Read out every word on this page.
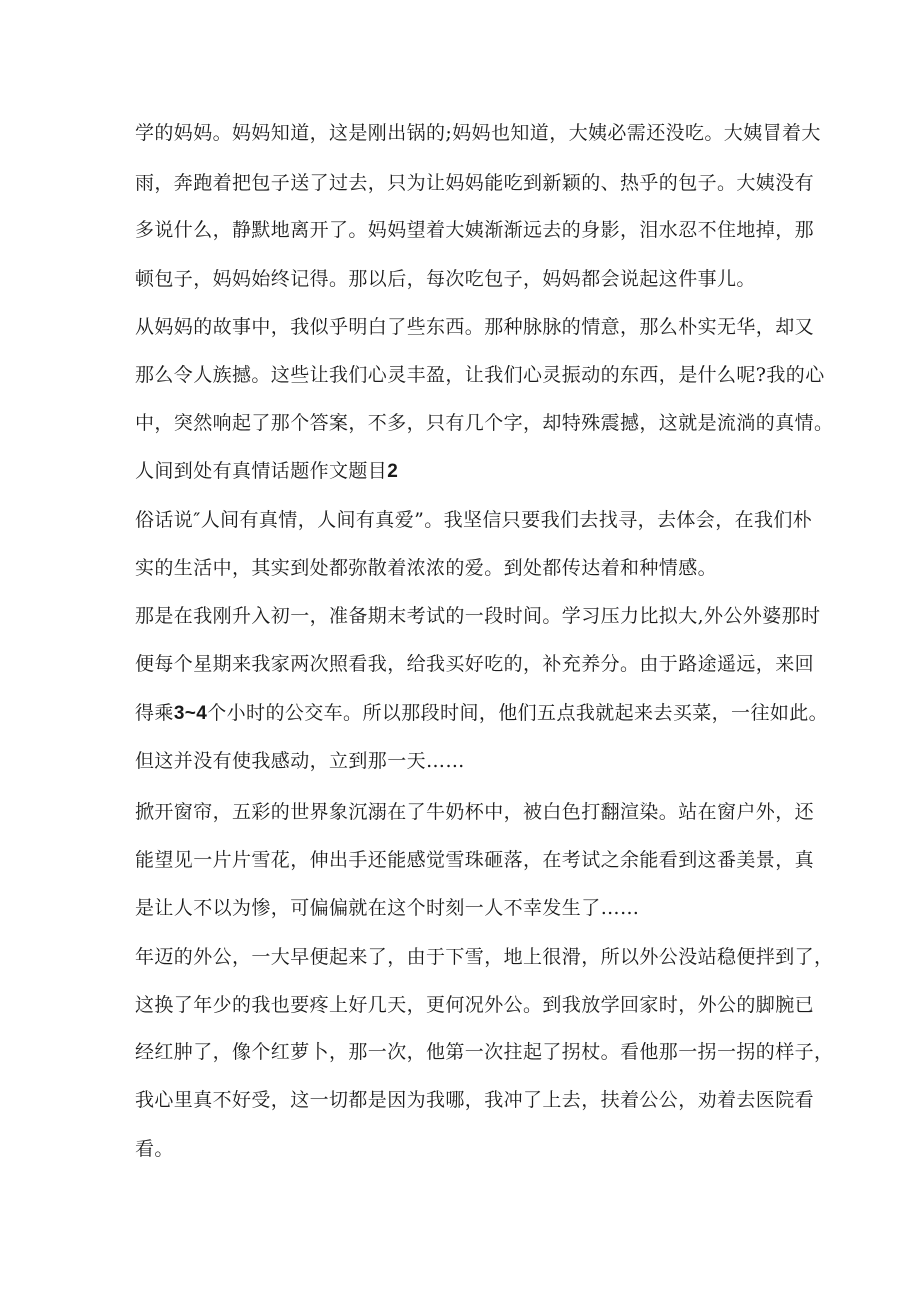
学的妈妈。妈妈知道，这是刚出锅的;妈妈也知道，大姨必需还没吃。大姨冒着大

雨，奔跑着把包子送了过去，只为让妈妈能吃到新颖的、热乎的包子。大姨没有

多说什么，静默地离开了。妈妈望着大姨渐渐远去的身影，泪水忍不住地掉，那

顿包子，妈妈始终记得。那以后，每次吃包子，妈妈都会说起这件事儿。

从妈妈的故事中，我似乎明白了些东西。那种脉脉的情意，那么朴实无华，却又

那么令人族撼。这些让我们心灵丰盈，让我们心灵振动的东西，是什么呢?我的心

中，突然响起了那个答案，不多，只有几个字，却特殊震撼，这就是流淌的真情。

人间到处有真情话题作文题目2

俗话说″人间有真情，人间有真爱”。我坚信只要我们去找寻，去体会，在我们朴

实的生活中，其实到处都弥散着浓浓的爱。到处都传达着和种情感。

那是在我刚升入初一，准备期末考试的一段时间。学习压力比拟大,外公外婆那时

便每个星期来我家两次照看我，给我买好吃的，补充养分。由于路途遥远，来回

得乘3~4个小时的公交车。所以那段时间，他们五点我就起来去买菜，一往如此。

但这并没有使我感动，立到那一天……

掀开窗帘，五彩的世界象沉溺在了牛奶杯中，被白色打翻渲染。站在窗户外，还

能望见一片片雪花，伸出手还能感觉雪珠砸落，在考试之余能看到这番美景，真

是让人不以为惨，可偏偏就在这个时刻一人不幸发生了……

年迈的外公，一大早便起来了，由于下雪，地上很滑，所以外公没站稳便拌到了，

这换了年少的我也要疼上好几天，更何况外公。到我放学回家时，外公的脚腕已

经红肿了，像个红萝卜，那一次，他第一次拄起了拐杖。看他那一拐一拐的样子，

我心里真不好受，这一切都是因为我哪，我冲了上去，扶着公公，劝着去医院看

看。
